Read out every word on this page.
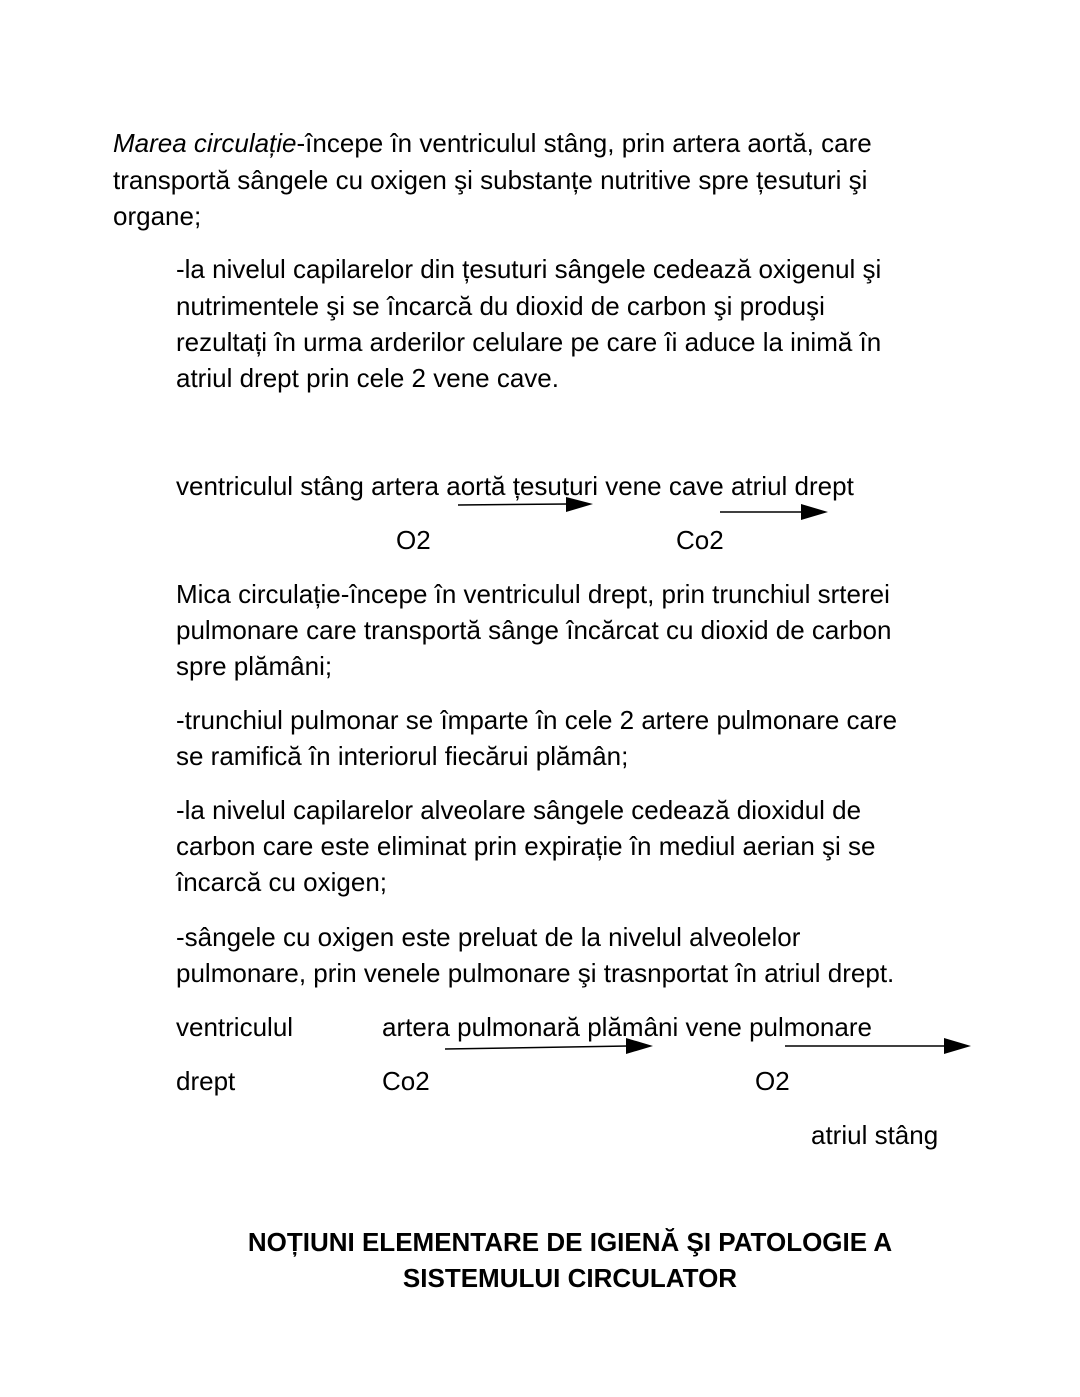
Marea circulație-începe în ventriculul stâng, prin artera aortă, care
transportă sângele cu oxigen şi substanțe nutritive spre țesuturi şi
organe;
-la nivelul capilarelor din țesuturi sângele cedează oxigenul şi
nutrimentele şi se încarcă du dioxid de carbon şi produşi
rezultați în urma arderilor celulare pe care îi aduce la inimă în
atriul drept prin cele 2 vene cave.
ventriculul stâng artera aortă țesuturi vene cave atriul drept
O2	Co2
Mica circulație-începe în ventriculul drept, prin trunchiul srterei
pulmonare care transportă sânge încărcat cu dioxid de carbon
spre plămâni;
-trunchiul pulmonar se împarte în cele 2 artere pulmonare care
se ramifică în interiorul fiecărui plămân;
-la nivelul capilarelor alveolare sângele cedează dioxidul de
carbon care este eliminat prin expirație în mediul aerian şi se
încarcă cu oxigen;
-sângele cu oxigen este preluat de la nivelul alveolelor
pulmonare, prin venele pulmonare şi trasnportat în atriul drept.
ventriculul	artera pulmonară plămâni vene pulmonare
drept	Co2	O2
atriul stâng
NOȚIUNI ELEMENTARE DE IGIENĂ ŞI PATOLOGIE A
SISTEMULUI CIRCULATOR
